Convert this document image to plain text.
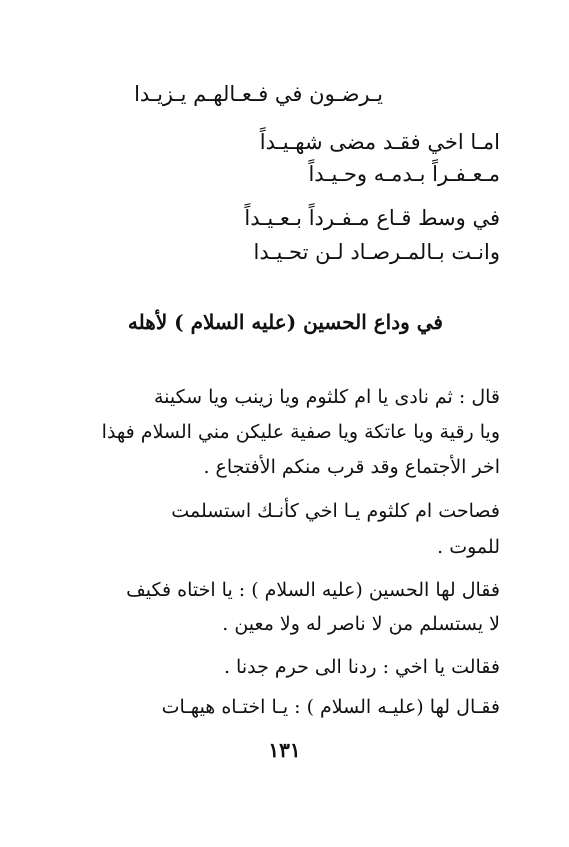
يـرضـون في فـعـالهـم يـزيـدا
امـا اخي فقـد مضى شهـيـداً
مـعـفـراً بـدمـه وحـيـداً
في وسط قـاع مـفـرداً بـعـيـداً
وانـت بـالمـرصـاد لـن تحـيـدا
في وداع الحسين (عليه السلام ) لأهله
قال : ثم نادى يا ام كلثوم ويا زينب ويا سكينة
ويا رقية ويا عاتكة ويا صفية عليكن مني السلام فهذا
اخر الأجتماع وقد قرب منكم الأفتجاع .
فصاحت ام كلثوم يـا اخي كأنـك استسلمت
للموت .
فقال لها الحسين (عليه السلام ) : يا اختاه فكيف
لا يستسلم من لا ناصر له ولا معين .
فقالت يا اخي : ردنا الى حرم جدنا .
فقـال لها (عليـه السلام ) : يـا اختـاه هيهـات
١٣١
